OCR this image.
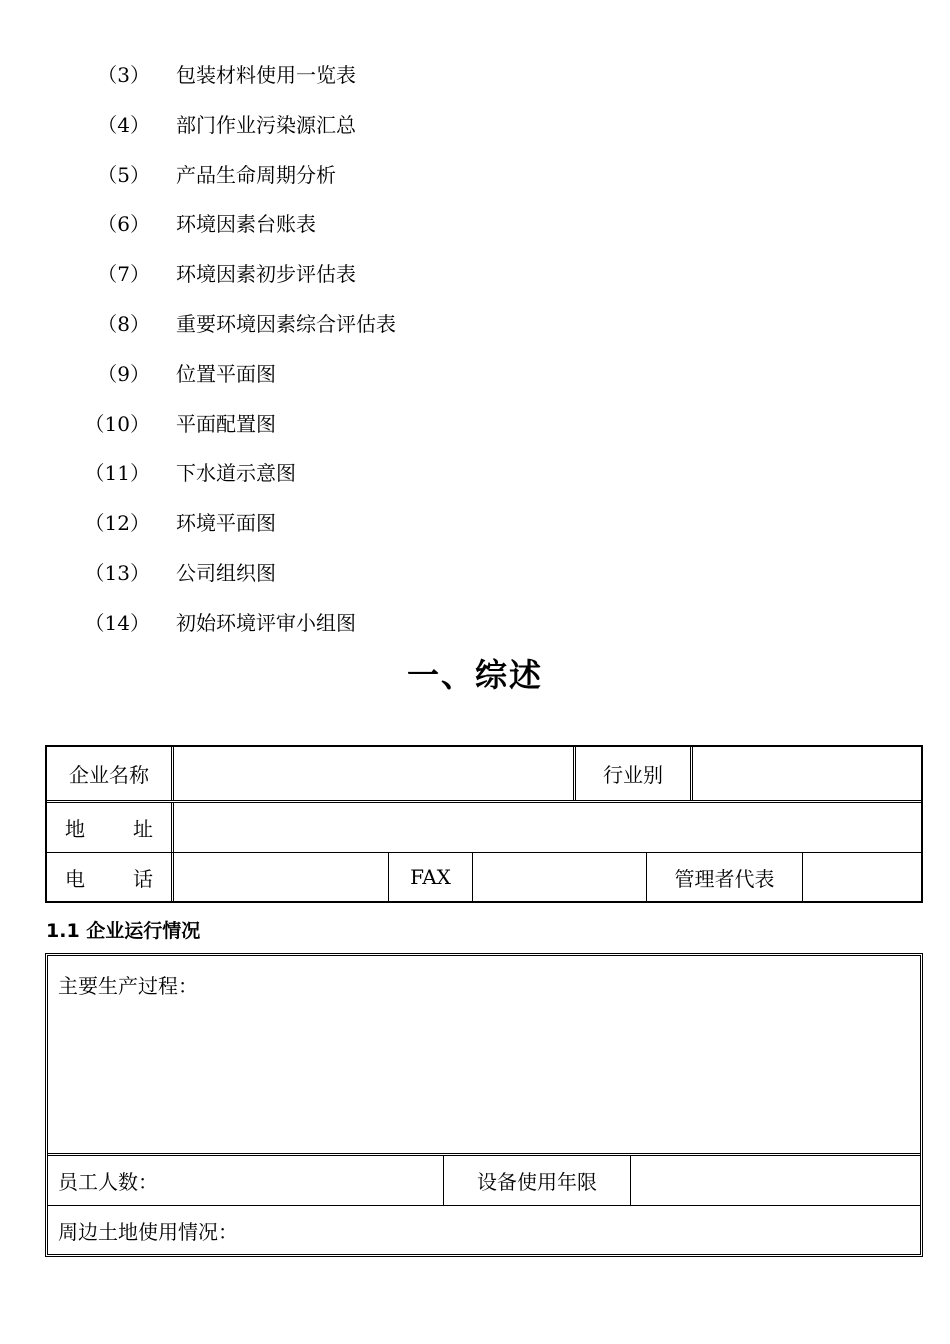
（3） 包装材料使用一览表
（4） 部门作业污染源汇总
（5） 产品生命周期分析
（6） 环境因素台账表
（7） 环境因素初步评估表
（8） 重要环境因素综合评估表
（9） 位置平面图
（10） 平面配置图
（11） 下水道示意图
（12） 环境平面图
（13） 公司组织图
（14） 初始环境评审小组图
一、综述
企业名称	行业别
地 址
电 话	FAX	管理者代表
1.1 企业运行情况
主要生产过程：
员工人数：	设备使用年限
周边土地使用情况：
